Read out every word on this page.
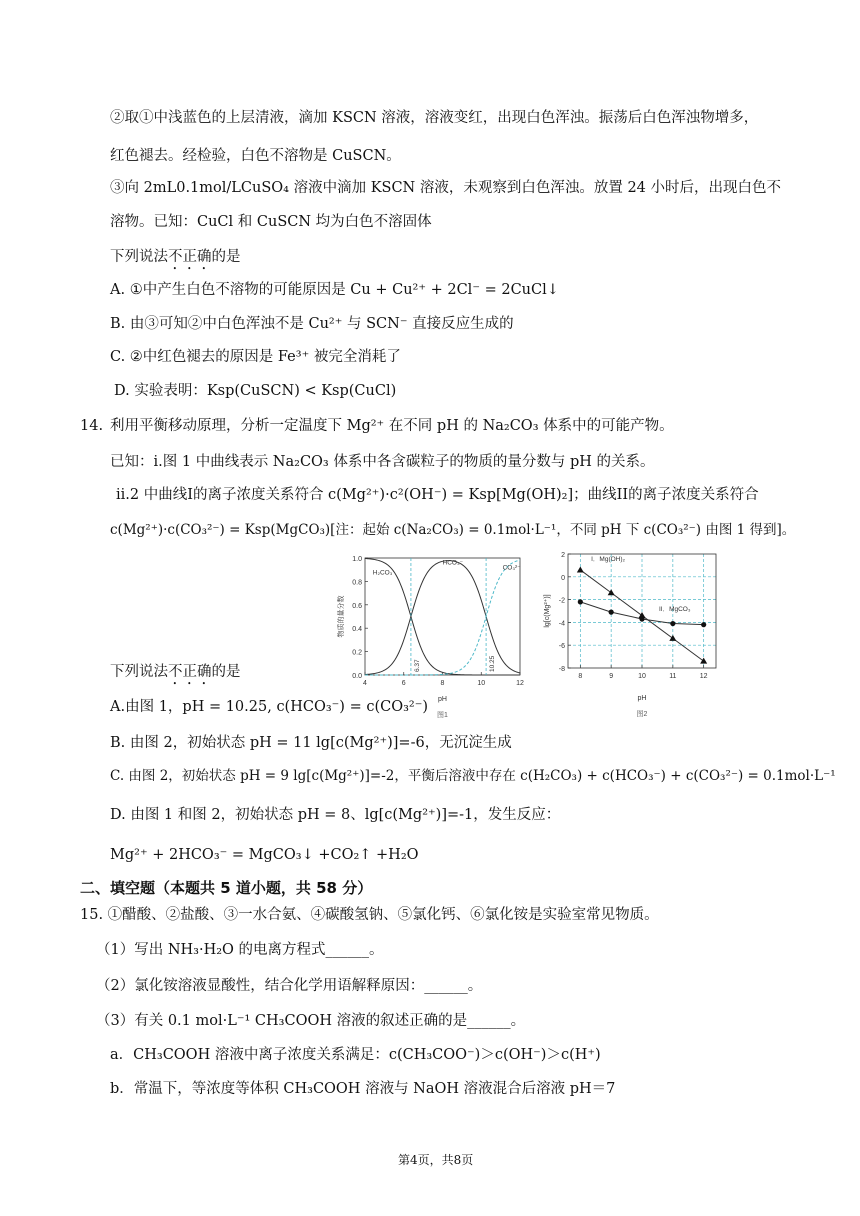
②取①中浅蓝色的上层清液，滴加 KSCN 溶液，溶液变红，出现白色浑浊。振荡后白色浑浊物增多，
红色褪去。经检验，白色不溶物是 CuSCN。
③向 2mL0.1mol/LCuSO₄ 溶液中滴加 KSCN 溶液，未观察到白色浑浊。放置 24 小时后，出现白色不
溶物。已知：CuCl 和 CuSCN 均为白色不溶固体
下列说法不正确的是
A. ①中产生白色不溶物的可能原因是 Cu + Cu²⁺ + 2Cl⁻ = 2CuCl↓
B. 由③可知②中白色浑浊不是 Cu²⁺ 与 SCN⁻ 直接反应生成的
C. ②中红色褪去的原因是 Fe³⁺ 被完全消耗了
D. 实验表明：Ksp(CuSCN) < Ksp(CuCl)
14. 利用平衡移动原理，分析一定温度下 Mg²⁺ 在不同 pH 的 Na₂CO₃ 体系中的可能产物。
已知：i.图 1 中曲线表示 Na₂CO₃ 体系中各含碳粒子的物质的量分数与 pH 的关系。
ii.2 中曲线I的离子浓度关系符合 c(Mg²⁺)·c²(OH⁻) = Ksp[Mg(OH)₂]；曲线II的离子浓度关系符合
c(Mg²⁺)·c(CO₃²⁻) = Ksp(MgCO₃)[注：起始 c(Na₂CO₃) = 0.1mol·L⁻¹，不同 pH 下 c(CO₃²⁻) 由图 1 得到]。
0.0
0.2
0.4
0.6
0.8
1.0
4	6	8	10	12
pH
图1
物质的量分数
H₂CO₃
HCO₃⁻
CO₃²⁻
6.37	10.25
2
0
-2
-4
-6
-8
8	9	10	11	12
pH
图2
lg[c(Mg²⁺)]
I．Mg(OH)₂
II．MgCO₃
下列说法不正确的是
A.由图 1，pH = 10.25, c(HCO₃⁻) = c(CO₃²⁻)
B. 由图 2，初始状态 pH = 11 lg[c(Mg²⁺)]=-6，无沉淀生成
C. 由图 2，初始状态 pH = 9 lg[c(Mg²⁺)]=-2，平衡后溶液中存在 c(H₂CO₃) + c(HCO₃⁻) + c(CO₃²⁻) = 0.1mol·L⁻¹
D. 由图 1 和图 2，初始状态 pH = 8、lg[c(Mg²⁺)]=-1，发生反应：
Mg²⁺ + 2HCO₃⁻ = MgCO₃↓ +CO₂↑ +H₂O
二、填空题（本题共 5 道小题，共 58 分）
15. ①醋酸、②盐酸、③一水合氨、④碳酸氢钠、⑤氯化钙、⑥氯化铵是实验室常见物质。
（1）写出 NH₃·H₂O 的电离方程式______。
（2）氯化铵溶液显酸性，结合化学用语解释原因：______。
（3）有关 0.1 mol·L⁻¹ CH₃COOH 溶液的叙述正确的是______。
a．CH₃COOH 溶液中离子浓度关系满足：c(CH₃COO⁻)＞c(OH⁻)＞c(H⁺)
b．常温下，等浓度等体积 CH₃COOH 溶液与 NaOH 溶液混合后溶液 pH＝7
第4页，共8页
